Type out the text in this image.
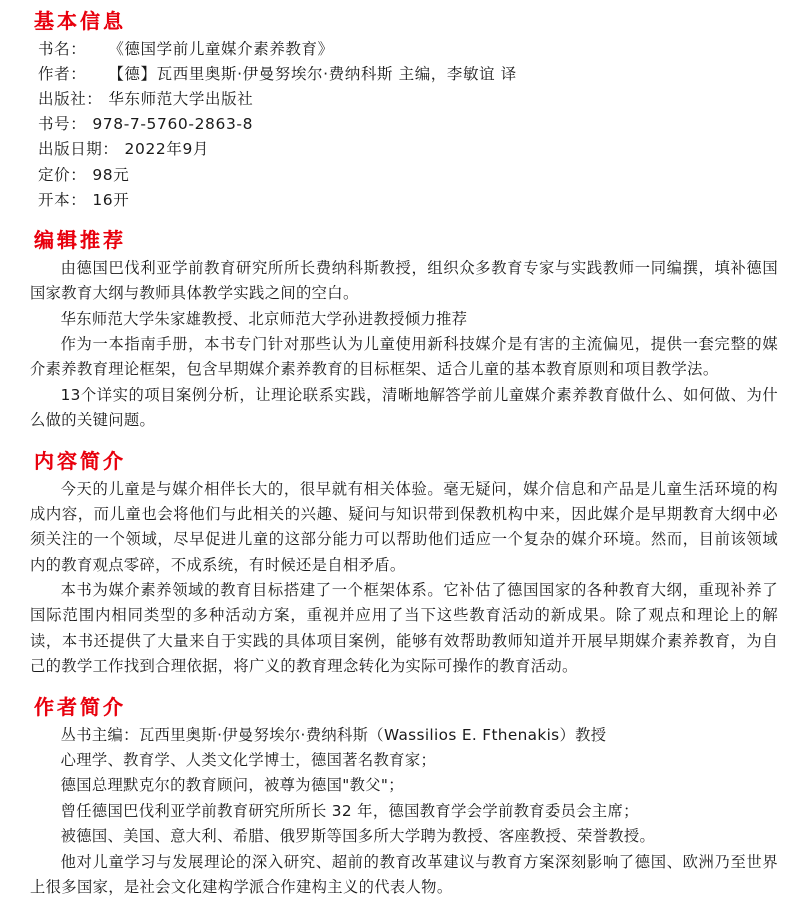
基本信息
书名： 《德国学前儿童媒介素养教育》
作者： 【德】瓦西里奥斯·伊曼努埃尔·费纳科斯 主编，李敏谊 译
出版社： 华东师范大学出版社
书号： 978-7-5760-2863-8
出版日期： 2022年9月
定价： 98元
开本： 16开
编辑推荐

由德国巴伐利亚学前教育研究所所长费纳科斯教授，组织众多教育专家与实践教师一同编撰，填补德国国家教育大纲与教师具体教学实践之间的空白。

华东师范大学朱家雄教授、北京师范大学孙进教授倾力推荐

作为一本指南手册，本书专门针对那些认为儿童使用新科技媒介是有害的主流偏见，提供一套完整的媒介素养教育理论框架，包含早期媒介素养教育的目标框架、适合儿童的基本教育原则和项目教学法。

13个详实的项目案例分析，让理论联系实践，清晰地解答学前儿童媒介素养教育做什么、如何做、为什么做的关键问题。

内容简介

今天的儿童是与媒介相伴长大的，很早就有相关体验。毫无疑问，媒介信息和产品是儿童生活环境的构成内容，而儿童也会将他们与此相关的兴趣、疑问与知识带到保教机构中来，因此媒介是早期教育大纲中必须关注的一个领域，尽早促进儿童的这部分能力可以帮助他们适应一个复杂的媒介环境。然而，目前该领域内的教育观点零碎，不成系统，有时候还是自相矛盾。

本书为媒介素养领域的教育目标搭建了一个框架体系。它补估了德国国家的各种教育大纲，重现补养了国际范围内相同类型的多种活动方案，重视并应用了当下这些教育活动的新成果。除了观点和理论上的解读，本书还提供了大量来自于实践的具体项目案例，能够有效帮助教师知道并开展早期媒介素养教育，为自己的教学工作找到合理依据，将广义的教育理念转化为实际可操作的教育活动。

作者简介

丛书主编：瓦西里奥斯·伊曼努埃尔·费纳科斯（Wassilios E. Fthenakis）教授

心理学、教育学、人类文化学博士，德国著名教育家；

德国总理默克尔的教育顾问，被尊为德国"教父"；

曾任德国巴伐利亚学前教育研究所所长 32 年，德国教育学会学前教育委员会主席；

被德国、美国、意大利、希腊、俄罗斯等国多所大学聘为教授、客座教授、荣誉教授。

他对儿童学习与发展理论的深入研究、超前的教育改革建议与教育方案深刻影响了德国、欧洲乃至世界上很多国家，是社会文化建构学派合作建构主义的代表人物。
